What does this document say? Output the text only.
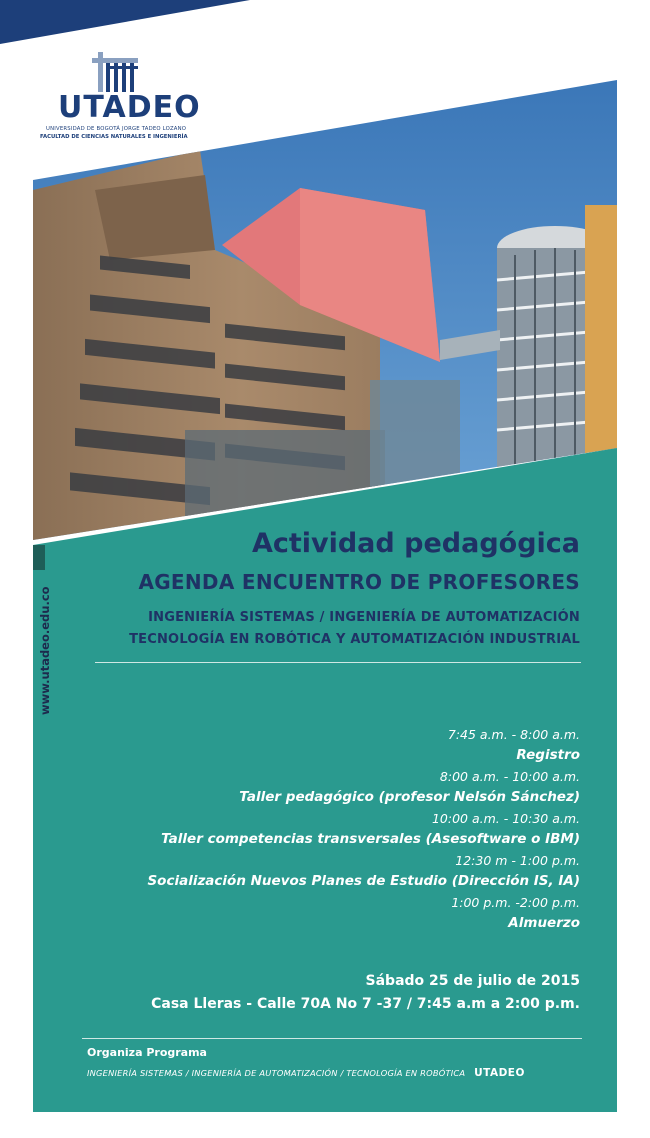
UTADEO
UNIVERSIDAD DE BOGOTÁ JORGE TADEO LOZANO
FACULTAD DE CIENCIAS NATURALES E INGENIERÍA
www.utadeo.edu.co
Actividad pedagógica
AGENDA ENCUENTRO DE PROFESORES
INGENIERÍA SISTEMAS / INGENIERÍA DE AUTOMATIZACIÓN
TECNOLOGÍA EN ROBÓTICA Y AUTOMATIZACIÓN INDUSTRIAL
7:45 a.m. - 8:00 a.m.
Registro
8:00 a.m. - 10:00 a.m.
Taller pedagógico (profesor Nelsón Sánchez)
10:00 a.m. - 10:30 a.m.
Taller competencias transversales (Asesoftware o IBM)
12:30 m - 1:00 p.m.
Socialización Nuevos Planes de Estudio (Dirección IS, IA)
1:00 p.m. -2:00 p.m.
Almuerzo
Sábado 25 de julio de 2015
Casa Lleras - Calle 70A No 7 -37 / 7:45 a.m a 2:00 p.m.
Organiza Programa
INGENIERÍA SISTEMAS / INGENIERÍA DE AUTOMATIZACIÓN / TECNOLOGÍA EN ROBÓTICA UTADEO
